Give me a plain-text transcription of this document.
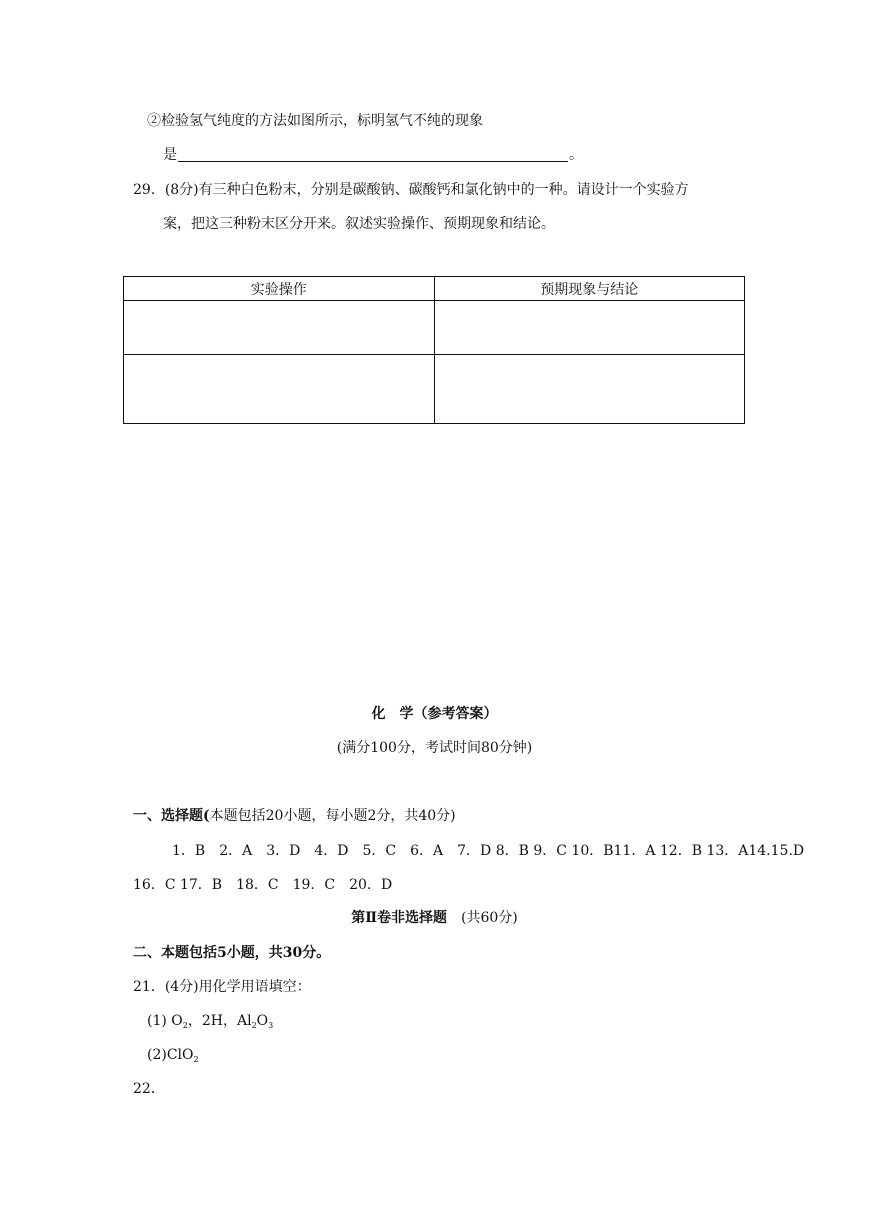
②检验氢气纯度的方法如图所示，标明氢气不纯的现象
是	。
29．(8分)有三种白色粉末，分别是碳酸钠、碳酸钙和氯化钠中的一种。请设计一个实验方
案，把这三种粉末区分开来。叙述实验操作、预期现象和结论。
实验操作	预期现象与结论

化　学（参考答案）
(满分100分，考试时间80分钟)
一、选择题(本题包括20小题，每小题2分，共40分)
1．B　2．A　3．D　4．D　5．C　6．A　7．D 8．B 9．C 10．B11．A 12．B 13．A14.15.D
16．C 17．B　18．C　19．C　20．D
第Ⅱ卷非选择题　 (共60分)
二、本题包括5小题，共30分。
21．(4分)用化学用语填空：
(1) $O_2$，2H，$Al_2O_3$
(2)ClO$_2$
22．
